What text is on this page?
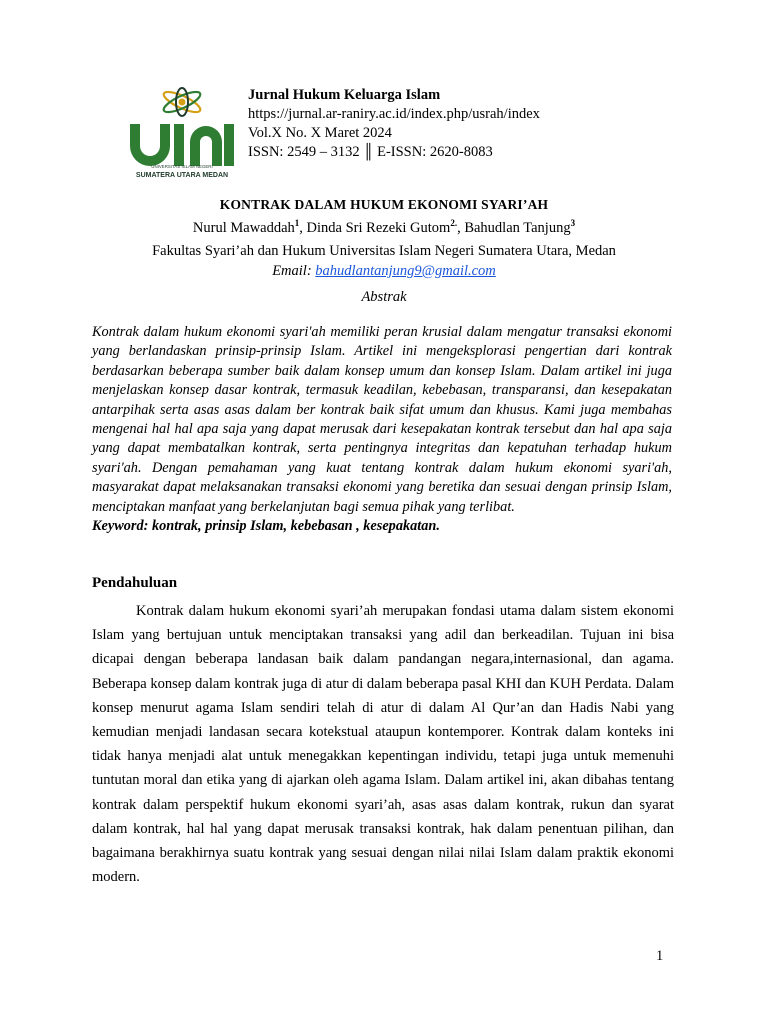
UNIVERSITAS ISLAM NEGERI
SUMATERA UTARA MEDAN
Jurnal Hukum Keluarga Islam
https://jurnal.ar-raniry.ac.id/index.php/usrah/index
Vol.X No. X Maret 2024
ISSN: 2549 – 3132 ║ E-ISSN: 2620-8083
KONTRAK DALAM HUKUM EKONOMI SYARI’AH
Nurul Mawaddah$^1$, Dinda Sri Rezeki Gutom$^{2.}$, Bahudlan Tanjung$^3$
Fakultas Syari’ah dan Hukum Universitas Islam Negeri Sumatera Utara, Medan
Email: bahudlantanjung9@gmail.com
Abstrak
Kontrak dalam hukum ekonomi syari'ah memiliki peran krusial dalam mengatur transaksi ekonomi yang berlandaskan prinsip-prinsip Islam. Artikel ini mengeksplorasi pengertian dari kontrak berdasarkan beberapa sumber baik dalam konsep umum dan konsep Islam. Dalam artikel ini juga menjelaskan konsep dasar kontrak, termasuk keadilan, kebebasan, transparansi, dan kesepakatan antarpihak serta asas asas dalam ber kontrak baik sifat umum dan khusus. Kami juga membahas mengenai hal hal apa saja yang dapat merusak dari kesepakatan kontrak tersebut dan hal apa saja yang dapat membatalkan kontrak, serta pentingnya integritas dan kepatuhan terhadap hukum syari'ah. Dengan pemahaman yang kuat tentang kontrak dalam hukum ekonomi syari'ah, masyarakat dapat melaksanakan transaksi ekonomi yang beretika dan sesuai dengan prinsip Islam, menciptakan manfaat yang berkelanjutan bagi semua pihak yang terlibat.
Keyword: kontrak, prinsip Islam, kebebasan , kesepakatan.
Pendahuluan
Kontrak dalam hukum ekonomi syari’ah merupakan fondasi utama dalam sistem ekonomi Islam yang bertujuan untuk menciptakan transaksi yang adil dan berkeadilan. Tujuan ini bisa dicapai dengan beberapa landasan baik dalam pandangan negara,internasional, dan agama. Beberapa konsep dalam kontrak juga di atur di dalam beberapa pasal KHI dan KUH Perdata. Dalam konsep menurut agama Islam sendiri telah di atur di dalam Al Qur’an dan Hadis Nabi yang kemudian menjadi landasan secara kotekstual ataupun kontemporer. Kontrak dalam konteks ini tidak hanya menjadi alat untuk menegakkan kepentingan individu, tetapi juga untuk memenuhi tuntutan moral dan etika yang di ajarkan oleh agama Islam. Dalam artikel ini, akan dibahas tentang kontrak dalam perspektif hukum ekonomi syari’ah, asas asas dalam kontrak, rukun dan syarat dalam kontrak, hal hal yang dapat merusak transaksi kontrak, hak dalam penentuan pilihan, dan bagaimana berakhirnya suatu kontrak yang sesuai dengan nilai nilai Islam dalam praktik ekonomi modern.
1
